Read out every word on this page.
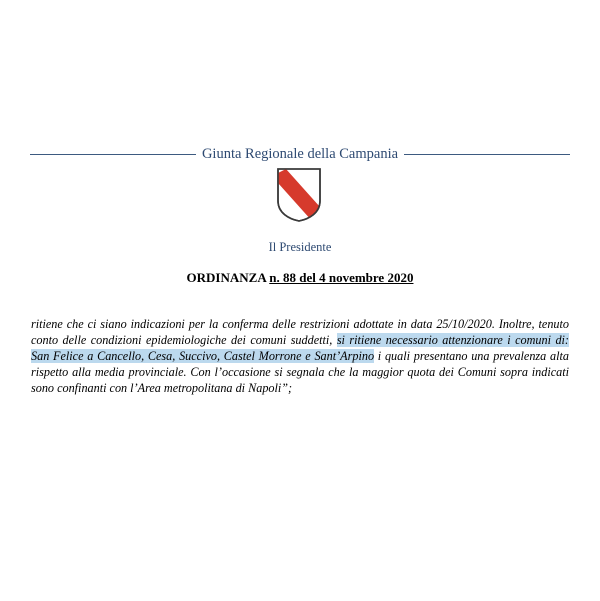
Giunta Regionale della Campania
Il Presidente
ORDINANZA n. 88 del 4 novembre 2020
ritiene che ci siano indicazioni per la conferma delle restrizioni adottate in data 25/10/2020. Inoltre, tenuto conto delle condizioni epidemiologiche dei comuni suddetti, si ritiene necessario attenzionare i comuni di: San Felice a Cancello, Cesa, Succivo, Castel Morrone e Sant’Arpino i quali presentano una prevalenza alta rispetto alla media provinciale. Con l’occasione si segnala che la maggior quota dei Comuni sopra indicati sono confinanti con l’Area metropolitana di Napoli”;
